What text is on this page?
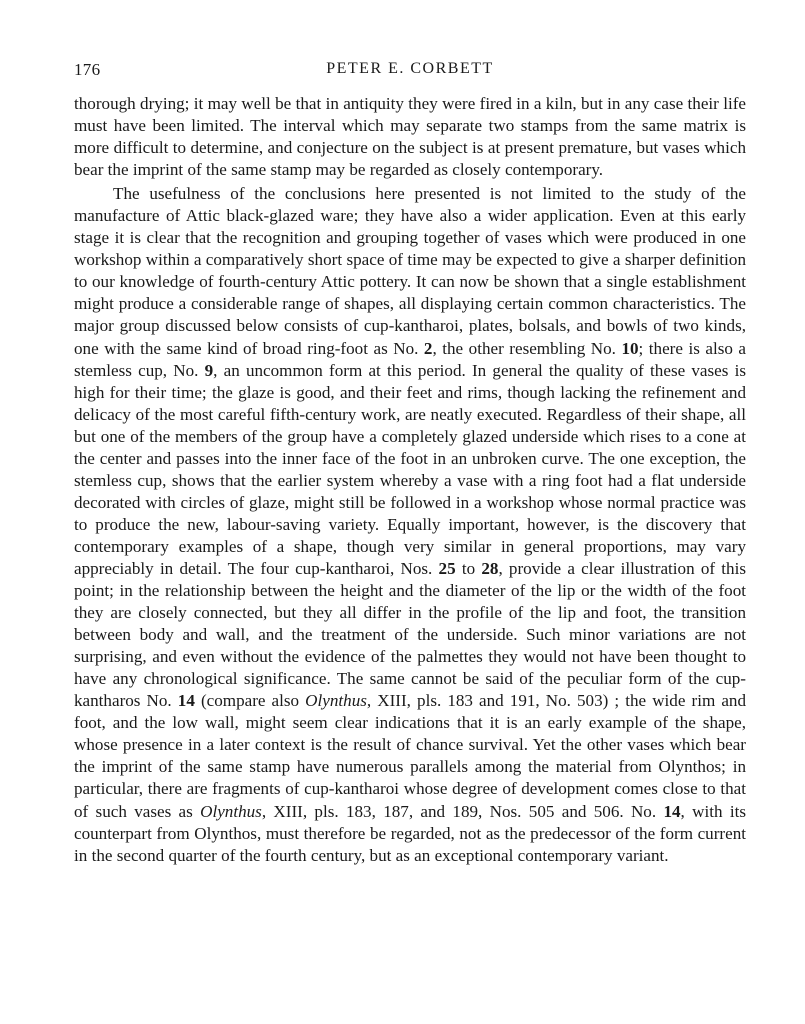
176	PETER E. CORBETT

thorough drying; it may well be that in antiquity they were fired in a kiln, but in any case their life must have been limited. The interval which may separate two stamps from the same matrix is more difficult to determine, and conjecture on the subject is at present premature, but vases which bear the imprint of the same stamp may be regarded as closely contemporary.

The usefulness of the conclusions here presented is not limited to the study of the manufacture of Attic black-glazed ware; they have also a wider application. Even at this early stage it is clear that the recognition and grouping together of vases which were produced in one workshop within a comparatively short space of time may be expected to give a sharper definition to our knowledge of fourth-century Attic pottery. It can now be shown that a single establishment might produce a considerable range of shapes, all displaying certain common characteristics. The major group discussed below consists of cup-kantharoi, plates, bolsals, and bowls of two kinds, one with the same kind of broad ring-foot as No. 2, the other resembling No. 10; there is also a stemless cup, No. 9, an uncommon form at this period. In general the quality of these vases is high for their time; the glaze is good, and their feet and rims, though lacking the refinement and delicacy of the most careful fifth-century work, are neatly executed. Regardless of their shape, all but one of the members of the group have a completely glazed underside which rises to a cone at the center and passes into the inner face of the foot in an unbroken curve. The one exception, the stemless cup, shows that the earlier system whereby a vase with a ring foot had a flat underside decorated with circles of glaze, might still be followed in a workshop whose normal practice was to produce the new, labour-saving variety. Equally important, however, is the discovery that contemporary examples of a shape, though very similar in general proportions, may vary appreciably in detail. The four cup-kantharoi, Nos. 25 to 28, provide a clear illustration of this point; in the relationship between the height and the diameter of the lip or the width of the foot they are closely connected, but they all differ in the profile of the lip and foot, the transition between body and wall, and the treatment of the underside. Such minor variations are not surprising, and even without the evidence of the palmettes they would not have been thought to have any chronological significance. The same cannot be said of the peculiar form of the cup-kantharos No. 14 (compare also Olynthus, XIII, pls. 183 and 191, No. 503) ; the wide rim and foot, and the low wall, might seem clear indications that it is an early example of the shape, whose presence in a later context is the result of chance survival. Yet the other vases which bear the imprint of the same stamp have numerous parallels among the material from Olynthos; in particular, there are fragments of cup-kantharoi whose degree of development comes close to that of such vases as Olynthus, XIII, pls. 183, 187, and 189, Nos. 505 and 506. No. 14, with its counterpart from Olynthos, must therefore be regarded, not as the predecessor of the form current in the second quarter of the fourth century, but as an exceptional contemporary variant.
